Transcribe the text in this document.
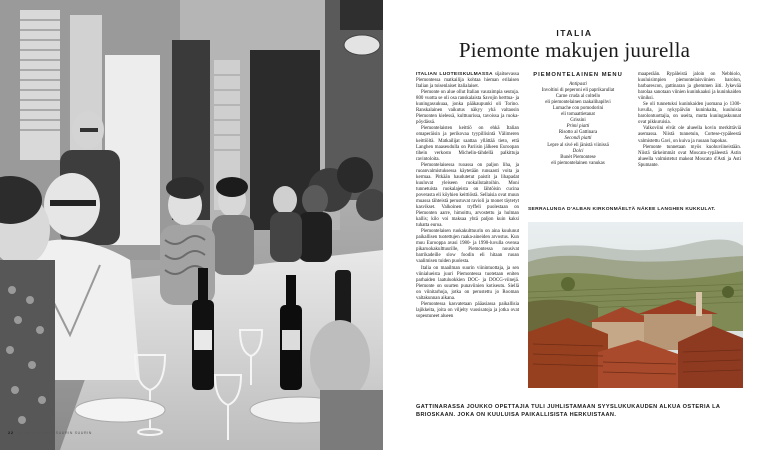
ITALIA
Piemonte makujen juurella

ITALIAN LUOTEISKULMASSA sijaitsevassa Piemontessa matkailija kohtaa hieman erilaisen Italian ja toisenlaiset italialaiset.

Piemonte on alue ollut Italian vauraimpia seutuja. 800 vuotta se oli osa ranskalaista Savojin herttua- ja kuningassukuaa, jonka pääkaupunki oli Torino. Ranskalainen vaikutus näkyy yhä valtaosin Piemonten kielessä, kulttuurissa, tavoissa ja ruoka-pöydässä.

Piemontelaisten keittiö on ehkä Italian omaperäisin ja perikovaa tyypillisintä Välimeren keittiöltä. Matkailijat saattaa yllättää tieto, että Langhen maaseudulla on Pariisin jälkeen Euroopan tihein verkosto Michelin-tähdellä palkittuja ravintoloita.

Piemontelaisessa ruoassa on paljon liha, ja ruoanvalmistuksessa käytetään runsaasti voita ja kermaa. Pitkään haudutetut paistit ja lihapadat kuuluvat yleiseen ruokailutaitoihin. Moni tunnetuista ruokalajeista on lähtöisin cucina poverasta eli köyhien keittiöstä. Sellaisia ovat muun muassa tähteistä perustuvat ravioli ja monet täytetyt kasvikset. Valkoinen tryffeli puolestaan on Piemonten aarre, himoittu, arvostettu ja hulman kallis; kilo voi maksaa yhtä paljon kuin kaksi tuhatta euroa.

Piemontelaisen ruokakulttuurin on aina kuulunut paikallisen tuotettujen raaka-aineiden arvostus. Kun muu Eurooppa avasi 1980- ja 1990-luvulla ovensa pikaruokakulttuurille, Piemontessa nousivat barrikadeille slow foodin eli hitaan ruoan vaalimisen tuiden puolesta.

Italia on maailman suurin viinintuottaja, ja sen viinialueista juuri Piemontessa tuotetaan eniten parhaiden laatuluokkien DOC- ja DOCG-viinejä. Piemonte on suurten punaviinien kotiseutu. Siellä on viinitarhoja, jotka on perustettu jo Rooman valtakunnan aikana.

Piemontessa kasvatetaan pääasiassa paikallisia lajikkeita, joita on viljelty vuosisatoja ja jotka ovat sopeutuneet alueen

PIEMONTELAINEN MENU
Antipasti
Involtini di peperoni eli paprikarullat
Carne cruda al coltello
eli piemontelainen raakalihapihvi
Lumache con pomodorini
eli tomaattietanat
Grissini
Primi piatti
Risotto al Gattinara
Secondi piatti
Lepre al sivé eli jänistä viinissä
Dolci
Bunèt Piemontese
eli piemontelainen vanukas

maaperään. Rypäleistä jaloin on Nebbiolo, kuuluisimpien piemontelaisviinien barolon, barbarescon, gattinaran ja ghemmen äiti. Jykevää barolaa sanotaan viinien kuninkaaksi ja kuninkaiden viiniksi.

Se oli tunnetuksi kuninkaiden juomana jo 1300-luvulla, ja nykypäivän kuninkaita, kuuluisia barolontuottajia, on useita, mutta kuningaskunnat ovat pikkuruisia.

Valkoviini elvät ole alueella kovin merkittäviä asemassa. Niistä tunnetuin, Cortese-rypäleestä valmistettu Gavi, on kuiva ja ruoaan hapokas.

Piemonte tunnetaan myös kuohuviineistään. Niistä tärkeimmät ovat Moscato-rypäleestä Astin alueella valmistetut makeat Moscato d'Asti ja Asti Spumante.

SERRALUNGA D'ALBAN KIRKONMÄELTÄ NÄKEE LANGHEN KUKKULAT.
GATTINARASSA JOUKKO OPETTAJIA TULI JUHLISTAMAAN SYYSLUKUKAUDEN ALKUA OSTERIA LA BRIOSKAAN. JOKA ON KUULUISA PAIKALLISISTA HERKUISTAAN.
22 SUURIN SUURIN SUURIN SUURIN
